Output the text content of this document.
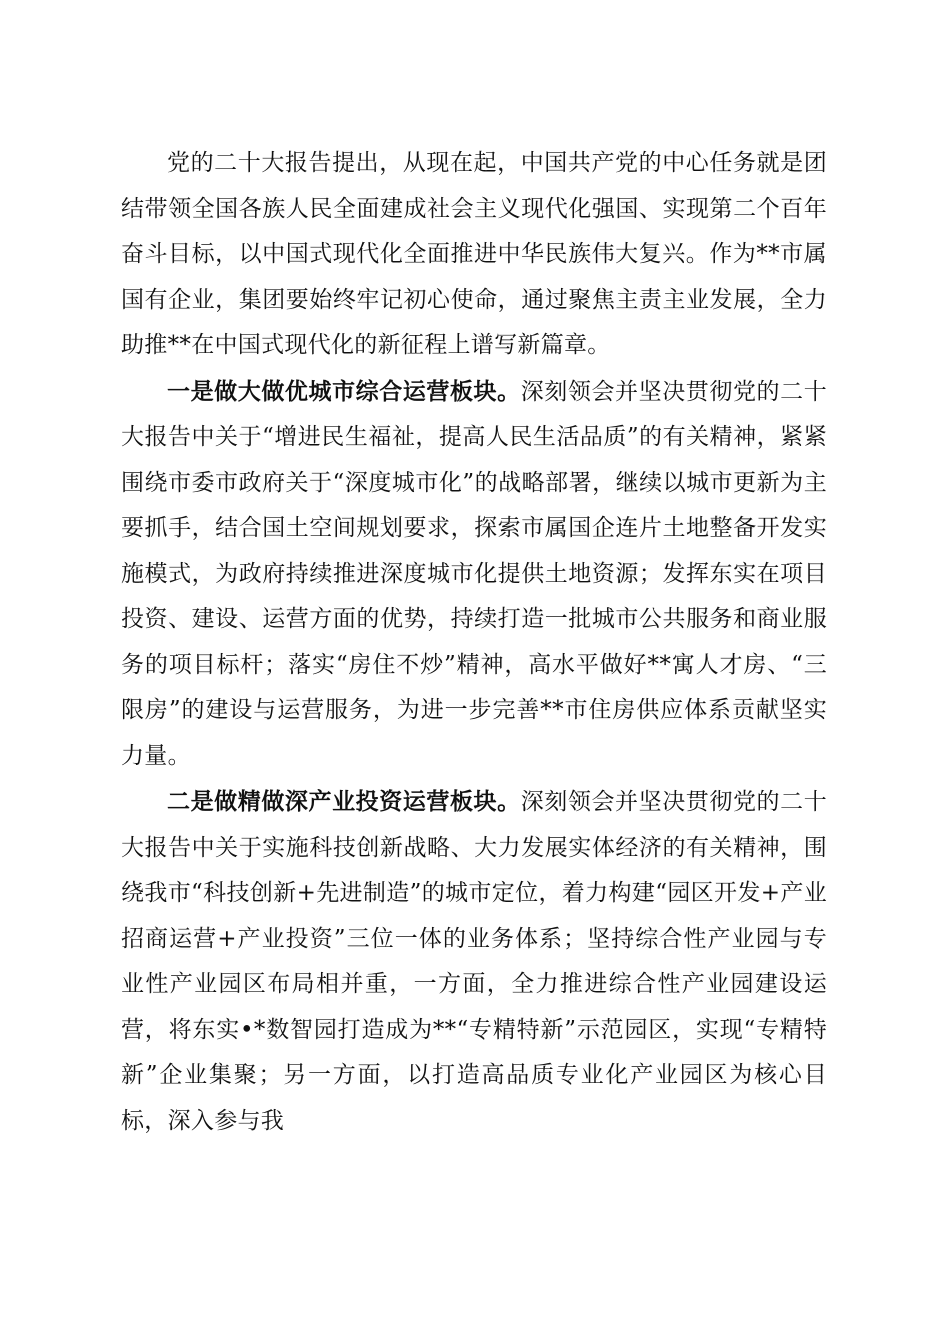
党的二十大报告提出，从现在起，中国共产党的中心任务就是团结带领全国各族人民全面建成社会主义现代化强国、实现第二个百年奋斗目标，以中国式现代化全面推进中华民族伟大复兴。作为**市属国有企业，集团要始终牢记初心使命，通过聚焦主责主业发展，全力助推**在中国式现代化的新征程上谱写新篇章。

一是做大做优城市综合运营板块。深刻领会并坚决贯彻党的二十大报告中关于“增进民生福祉，提高人民生活品质”的有关精神，紧紧围绕市委市政府关于“深度城市化”的战略部署，继续以城市更新为主要抓手，结合国土空间规划要求，探索市属国企连片土地整备开发实施模式，为政府持续推进深度城市化提供土地资源；发挥东实在项目投资、建设、运营方面的优势，持续打造一批城市公共服务和商业服务的项目标杆；落实“房住不炒”精神，高水平做好**寓人才房、“三限房”的建设与运营服务，为进一步完善**市住房供应体系贡献坚实力量。

二是做精做深产业投资运营板块。深刻领会并坚决贯彻党的二十大报告中关于实施科技创新战略、大力发展实体经济的有关精神，围绕我市“科技创新+先进制造”的城市定位，着力构建“园区开发+产业招商运营+产业投资”三位一体的业务体系；坚持综合性产业园与专业性产业园区布局相并重，一方面，全力推进综合性产业园建设运营，将东实•*数智园打造成为**“专精特新”示范园区，实现“专精特新”企业集聚；另一方面，以打造高品质专业化产业园区为核心目标，深入参与我
